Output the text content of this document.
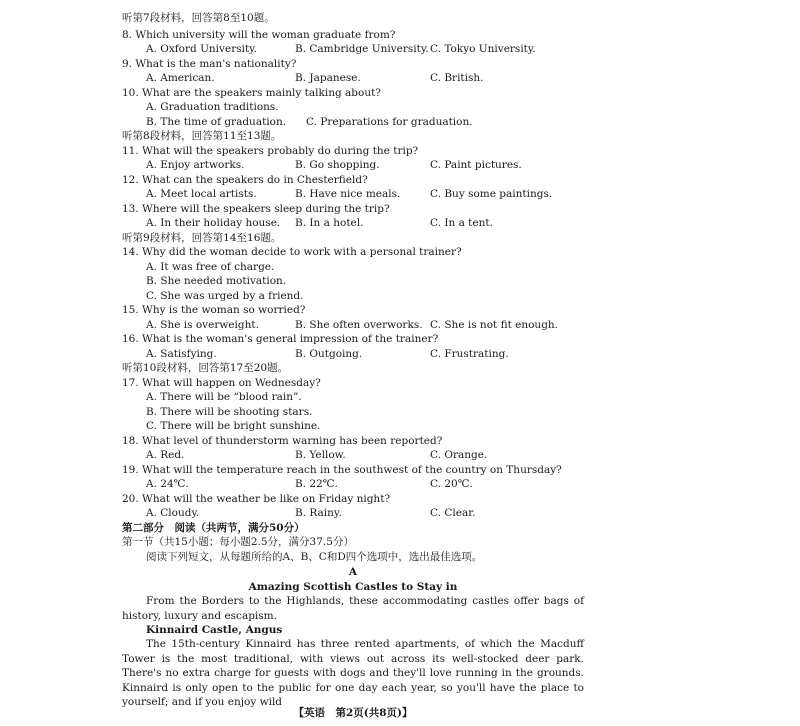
听第7段材料，回答第8至10题。
8. Which university will the woman graduate from?
A. Oxford University.	B. Cambridge University. C. Tokyo University.
9. What is the man's nationality?
A. American.	B. Japanese.	C. British.
10. What are the speakers mainly talking about?
A. Graduation traditions.
B. The time of graduation. C. Preparations for graduation.
听第8段材料，回答第11至13题。
11. What will the speakers probably do during the trip?
A. Enjoy artworks.	B. Go shopping.	C. Paint pictures.
12. What can the speakers do in Chesterfield?
A. Meet local artists.	B. Have nice meals.	C. Buy some paintings.
13. Where will the speakers sleep during the trip?
A. In their holiday house. B. In a hotel.	C. In a tent.
听第9段材料，回答第14至16题。
14. Why did the woman decide to work with a personal trainer?
A. It was free of charge.
B. She needed motivation.
C. She was urged by a friend.
15. Why is the woman so worried?
A. She is overweight.	B. She often overworks. C. She is not fit enough.
16. What is the woman's general impression of the trainer?
A. Satisfying.	B. Outgoing.	C. Frustrating.
听第10段材料，回答第17至20题。
17. What will happen on Wednesday?
A. There will be “blood rain”.
B. There will be shooting stars.
C. There will be bright sunshine.
18. What level of thunderstorm warning has been reported?
A. Red.	B. Yellow.	C. Orange.
19. What will the temperature reach in the southwest of the country on Thursday?
A. 24℃.	B. 22℃.	C. 20℃.
20. What will the weather be like on Friday night?
A. Cloudy.	B. Rainy.	C. Clear.
第二部分　阅读（共两节，满分50分）
第一节（共15小题；每小题2.5分，满分37.5分）
阅读下列短文，从每题所给的A、B、C和D四个选项中，选出最佳选项。
A
Amazing Scottish Castles to Stay in
From the Borders to the Highlands, these accommodating castles offer bags of history, luxury and escapism.
Kinnaird Castle, Angus
The 15th-century Kinnaird has three rented apartments, of which the Macduff Tower is the most traditional, with views out across its well-stocked deer park. There's no extra charge for guests with dogs and they'll love running in the grounds. Kinnaird is only open to the public for one day each year, so you'll have the place to yourself; and if you enjoy wild
【英语　第2页(共8页)】
